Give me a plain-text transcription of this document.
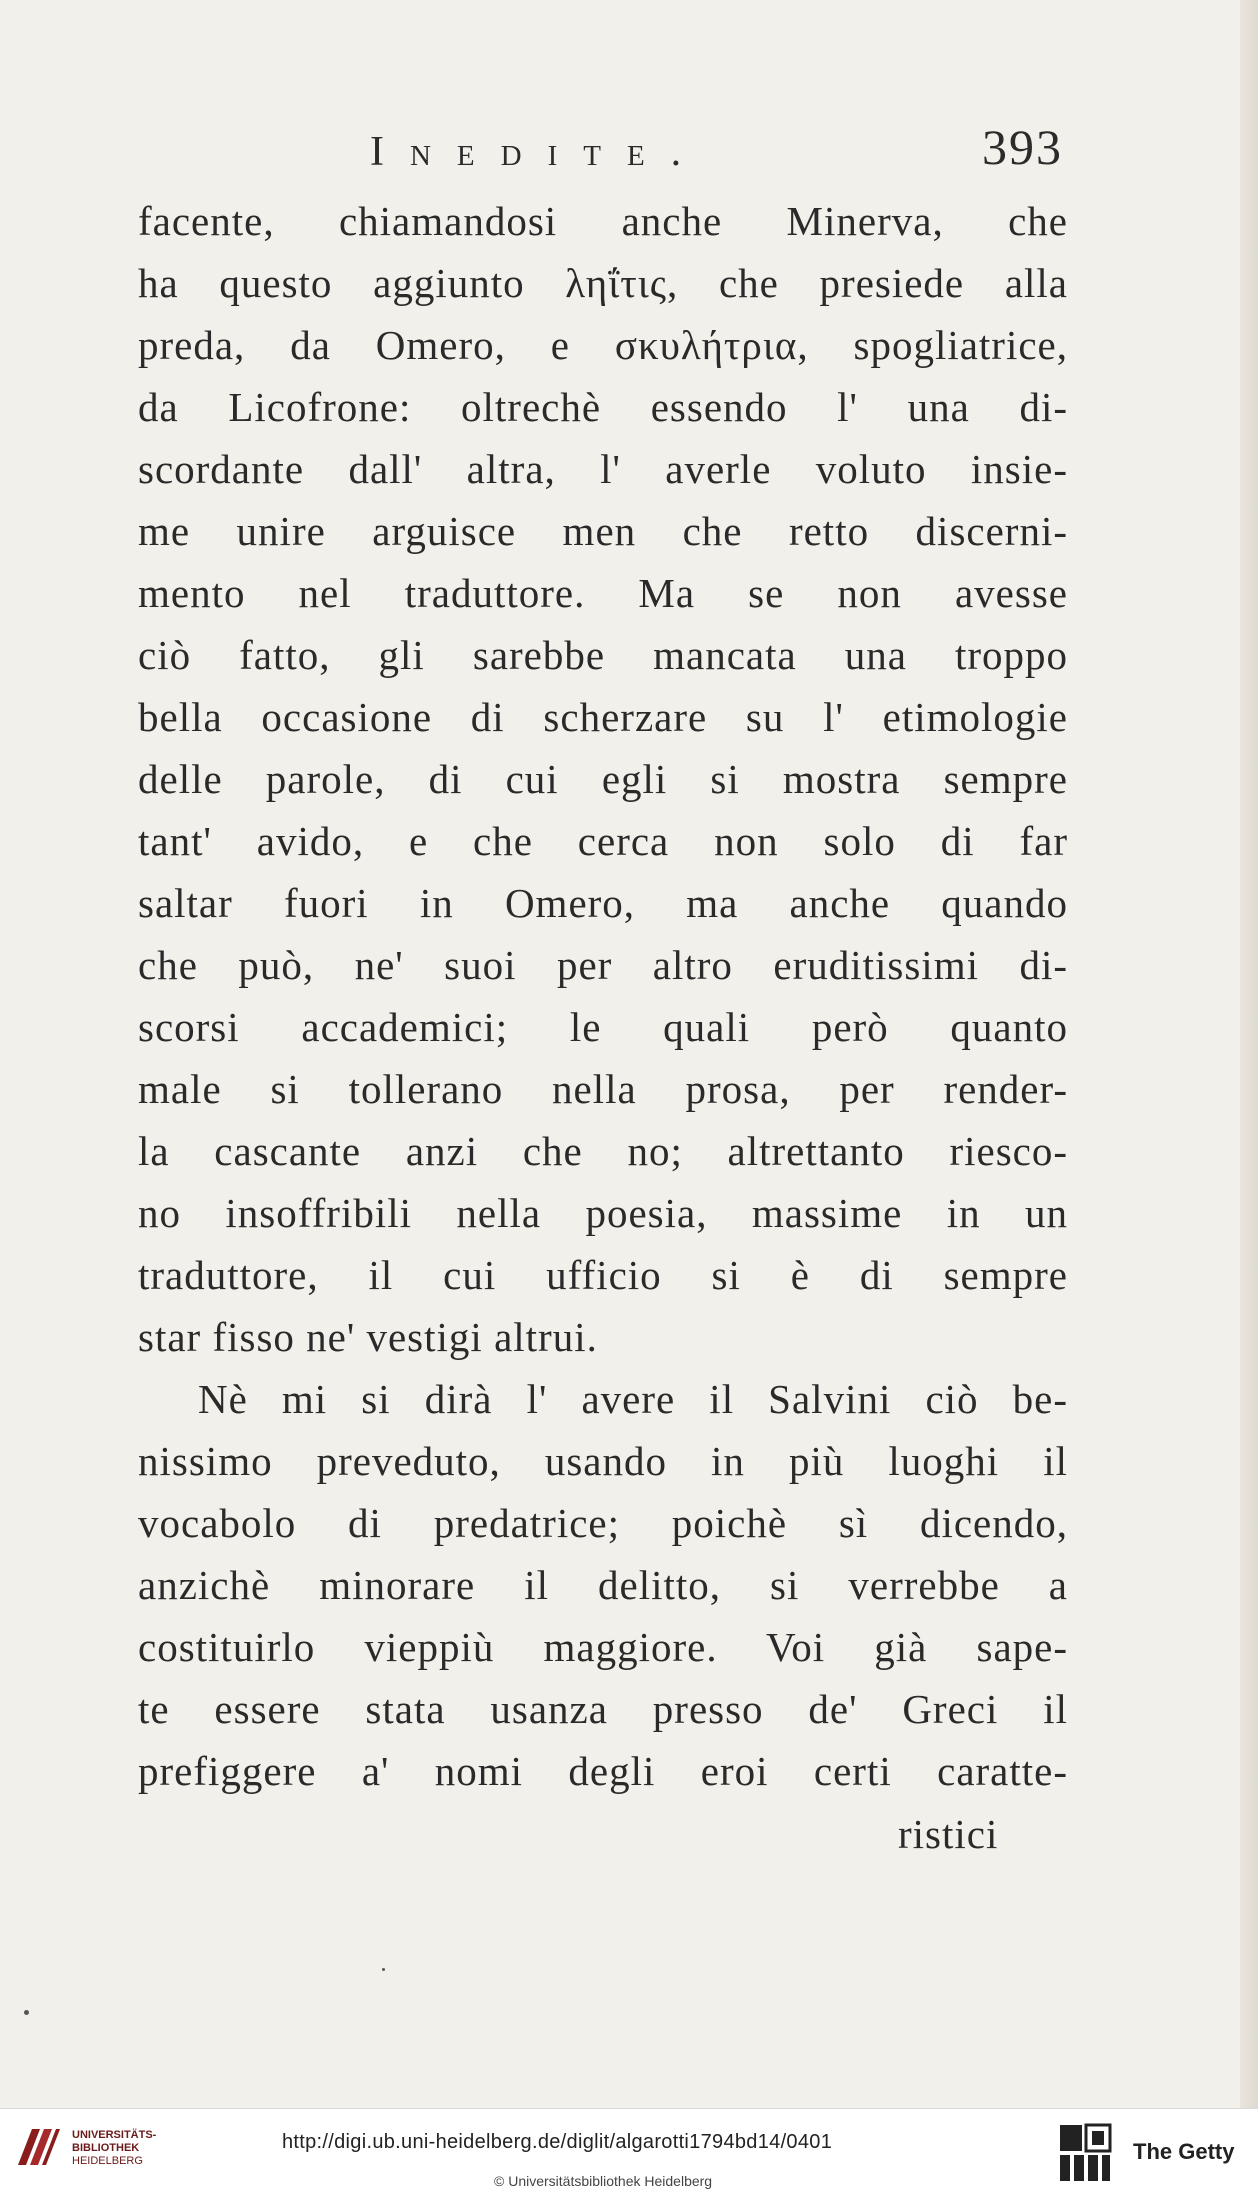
Inedite.	393
facente, chiamandosi anche Minerva, che
ha questo aggiunto ληΐτις, che presiede alla
preda, da Omero, e σκυλήτρια, spogliatrice,
da Licofrone: oltrechè essendo l' una di-
scordante dall' altra, l' averle voluto insie-
me unire arguisce men che retto discerni-
mento nel traduttore. Ma se non avesse
ciò fatto, gli sarebbe mancata una troppo
bella occasione di scherzare su l' etimologie
delle parole, di cui egli si mostra sempre
tant' avido, e che cerca non solo di far
saltar fuori in Omero, ma anche quando
che può, ne' suoi per altro eruditissimi di-
scorsi accademici; le quali però quanto
male si tollerano nella prosa, per render-
la cascante anzi che no; altrettanto riesco-
no insoffribili nella poesia, massime in un
traduttore, il cui ufficio si è di sempre
star fisso ne' vestigi altrui.
Nè mi si dirà l' avere il Salvini ciò be-
nissimo preveduto, usando in più luoghi il
vocabolo di predatrice; poichè sì dicendo,
anzichè minorare il delitto, si verrebbe a
costituirlo vieppiù maggiore. Voi già sape-
te essere stata usanza presso de' Greci il
prefiggere a' nomi degli eroi certi caratte-
ristici
UNIVERSITÄTS-
BIBLIOTHEK
HEIDELBERG
http://digi.ub.uni-heidelberg.de/diglit/algarotti1794bd14/0401
© Universitätsbibliothek Heidelberg
The Getty
